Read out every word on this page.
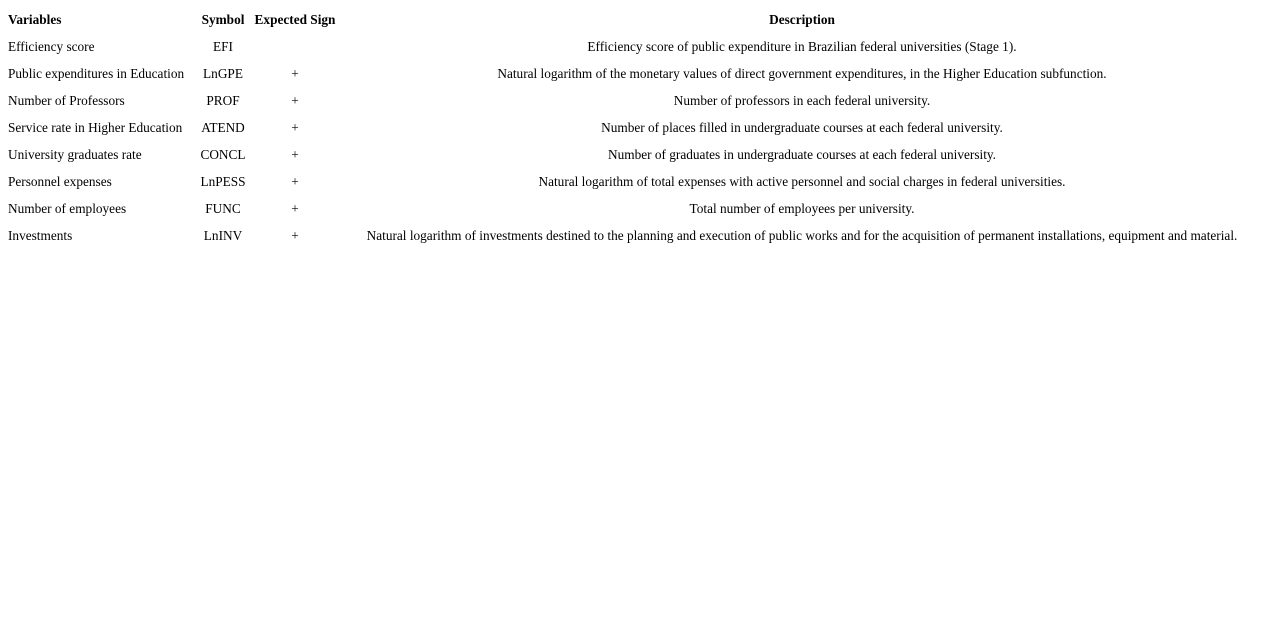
Variables	Symbol	Expected Sign	Description
Efficiency score	EFI		Efficiency score of public expenditure in Brazilian federal universities (Stage 1).
Public expenditures in Education	LnGPE	+	Natural logarithm of the monetary values of direct government expenditures, in the Higher Education subfunction.
Number of Professors	PROF	+	Number of professors in each federal university.
Service rate in Higher Education	ATEND	+	Number of places filled in undergraduate courses at each federal university.
University graduates rate	CONCL	+	Number of graduates in undergraduate courses at each federal university.
Personnel expenses	LnPESS	+	Natural logarithm of total expenses with active personnel and social charges in federal universities.
Number of employees	FUNC	+	Total number of employees per university.
Investments	LnINV	+	Natural logarithm of investments destined to the planning and execution of public works and for the acquisition of permanent installations, equipment and material.
